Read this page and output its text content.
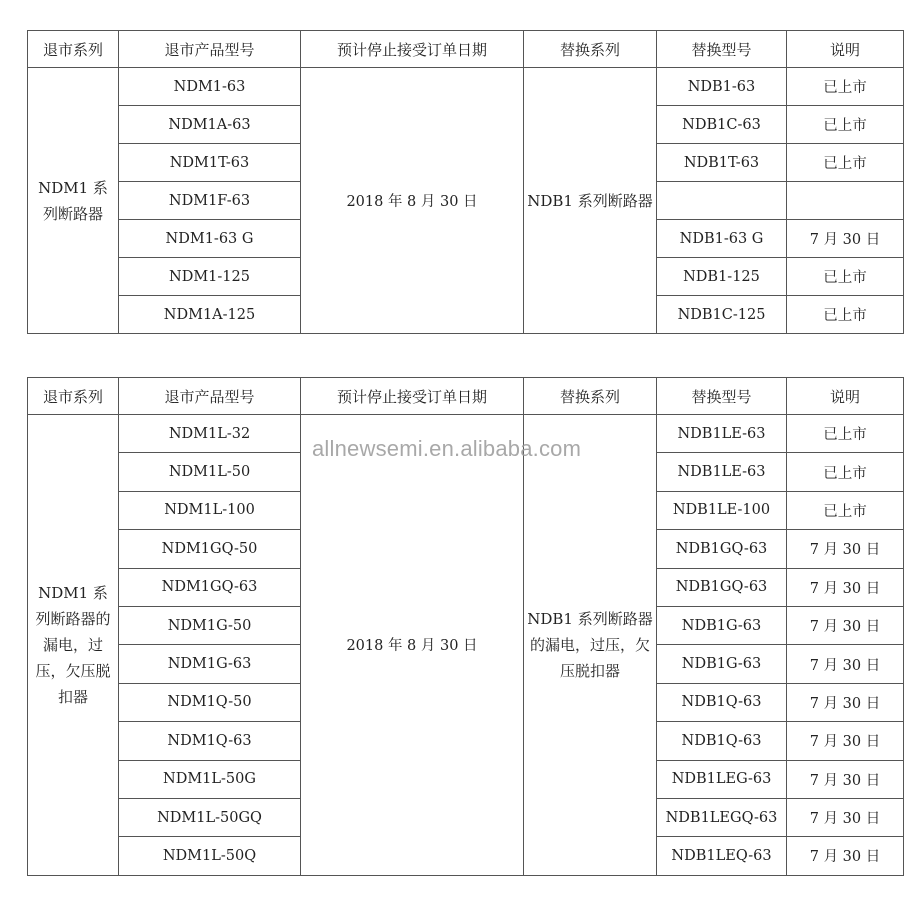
退市系列	退市产品型号	预计停止接受订单日期	替换系列	替换型号	说明
NDM1 系列断路器	NDM1-63	2018 年 8 月 30 日	NDB1 系列断路器	NDB1-63	已上市
	NDM1A-63			NDB1C-63	已上市
	NDM1T-63			NDB1T-63	已上市
	NDM1F-63				
	NDM1-63 G			NDB1-63 G	7 月 30 日
	NDM1-125			NDB1-125	已上市
	NDM1A-125			NDB1C-125	已上市
退市系列	退市产品型号	预计停止接受订单日期	替换系列	替换型号	说明
NDM1 系列断路器的漏电，过压，欠压脱扣器	NDM1L-32	2018 年 8 月 30 日	NDB1 系列断路器的漏电，过压，欠压脱扣器	NDB1LE-63	已上市
	NDM1L-50			NDB1LE-63	已上市
	NDM1L-100			NDB1LE-100	已上市
	NDM1GQ-50			NDB1GQ-63	7 月 30 日
	NDM1GQ-63			NDB1GQ-63	7 月 30 日
	NDM1G-50			NDB1G-63	7 月 30 日
	NDM1G-63			NDB1G-63	7 月 30 日
	NDM1Q-50			NDB1Q-63	7 月 30 日
	NDM1Q-63			NDB1Q-63	7 月 30 日
	NDM1L-50G			NDB1LEG-63	7 月 30 日
	NDM1L-50GQ			NDB1LEGQ-63	7 月 30 日
	NDM1L-50Q			NDB1LEQ-63	7 月 30 日
allnewsemi.en.alibaba.com
